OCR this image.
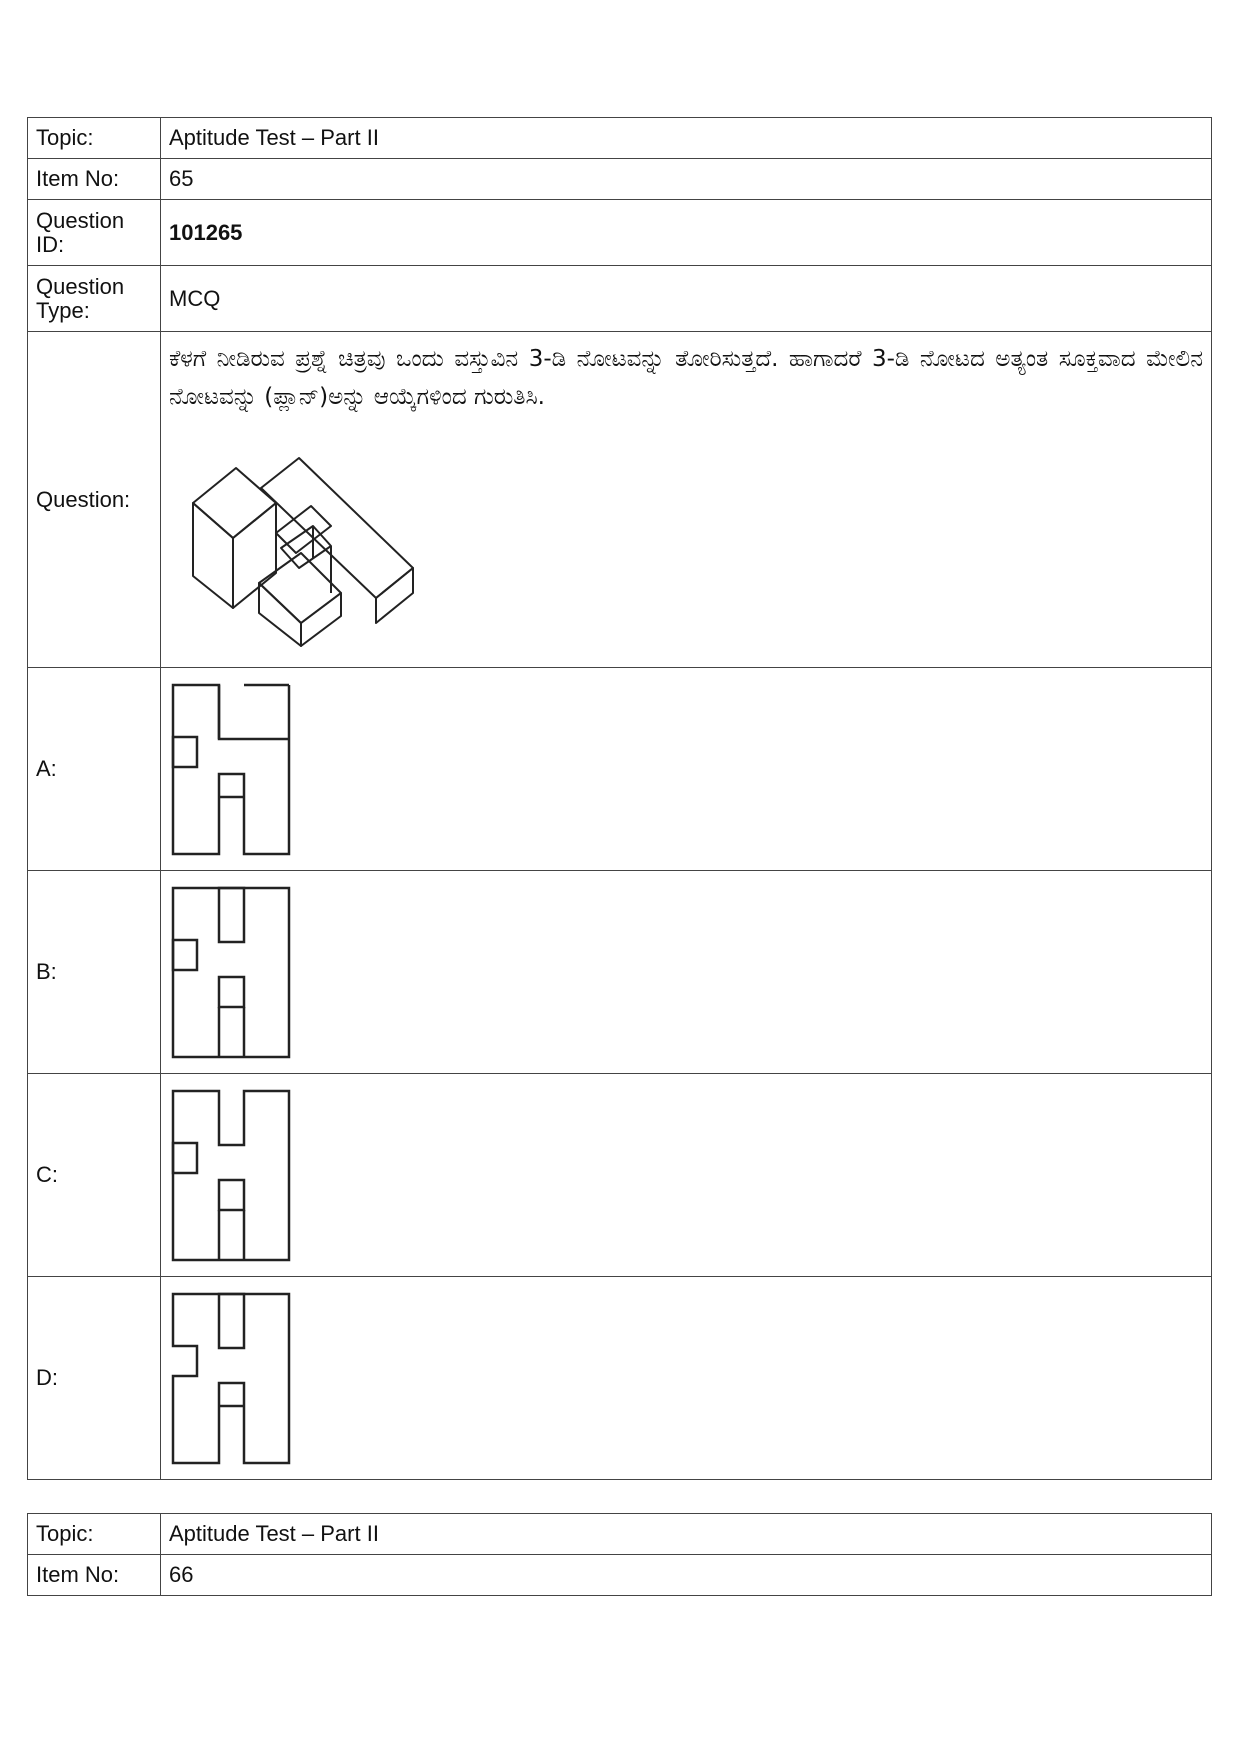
Topic:	Aptitude Test – Part II
Item No:	65
Question ID:	101265
Question Type:	MCQ
Question:	ಕೆಳಗೆ ನೀಡಿರುವ ಪ್ರಶ್ನೆ ಚಿತ್ರವು ಒಂದು ವಸ್ತುವಿನ 3-ಡಿ ನೋಟವನ್ನು ತೋರಿಸುತ್ತದೆ. ಹಾಗಾದರೆ 3-ಡಿ ನೋಟದ ಅತ್ಯಂತ ಸೂಕ್ತವಾದ ಮೇಲಿನ ನೋಟವನ್ನು (ಪ್ಲಾನ್)ಅನ್ನು ಆಯ್ಕೆಗಳಿಂದ ಗುರುತಿಸಿ.

A:	

B:	

C:	

D:	
Topic:	Aptitude Test – Part II
Item No:	66
